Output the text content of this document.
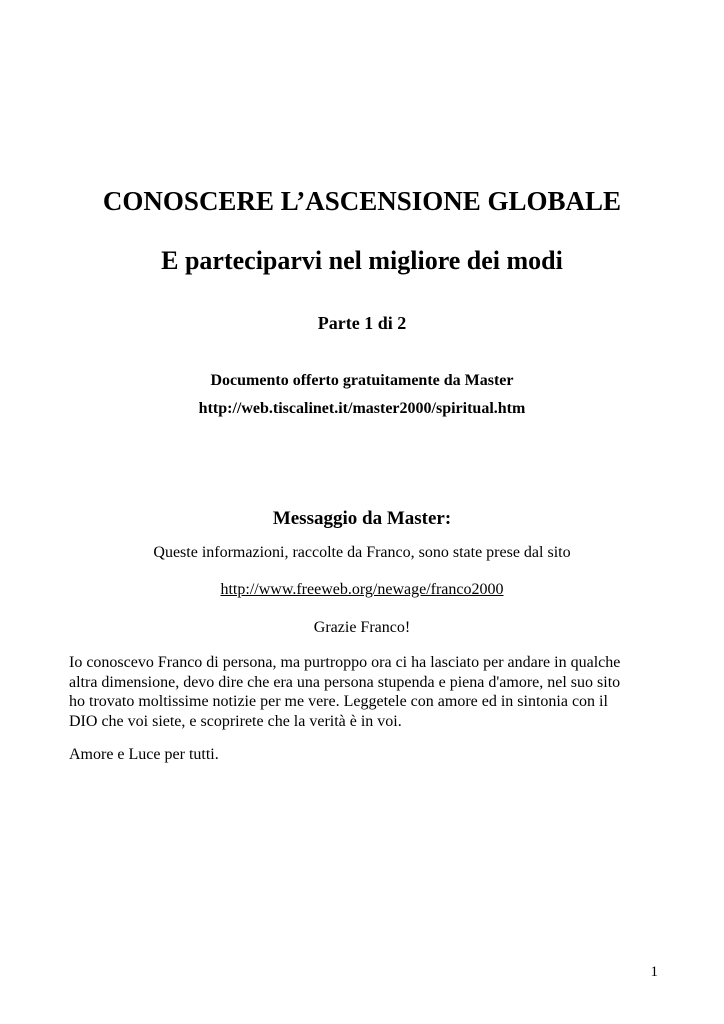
CONOSCERE L’ASCENSIONE GLOBALE
E parteciparvi nel migliore dei modi
Parte 1 di 2
Documento offerto gratuitamente da Master
http://web.tiscalinet.it/master2000/spiritual.htm
Messaggio da Master:
Queste informazioni, raccolte da Franco, sono state prese dal sito
http://www.freeweb.org/newage/franco2000
Grazie Franco!
Io conoscevo Franco di persona, ma purtroppo ora ci ha lasciato per andare in qualche
altra dimensione, devo dire che era una persona stupenda e piena d'amore, nel suo sito
ho trovato moltissime notizie per me vere. Leggetele con amore ed in sintonia con il
DIO che voi siete, e scoprirete che la verità è in voi.
Amore e Luce per tutti.
1
